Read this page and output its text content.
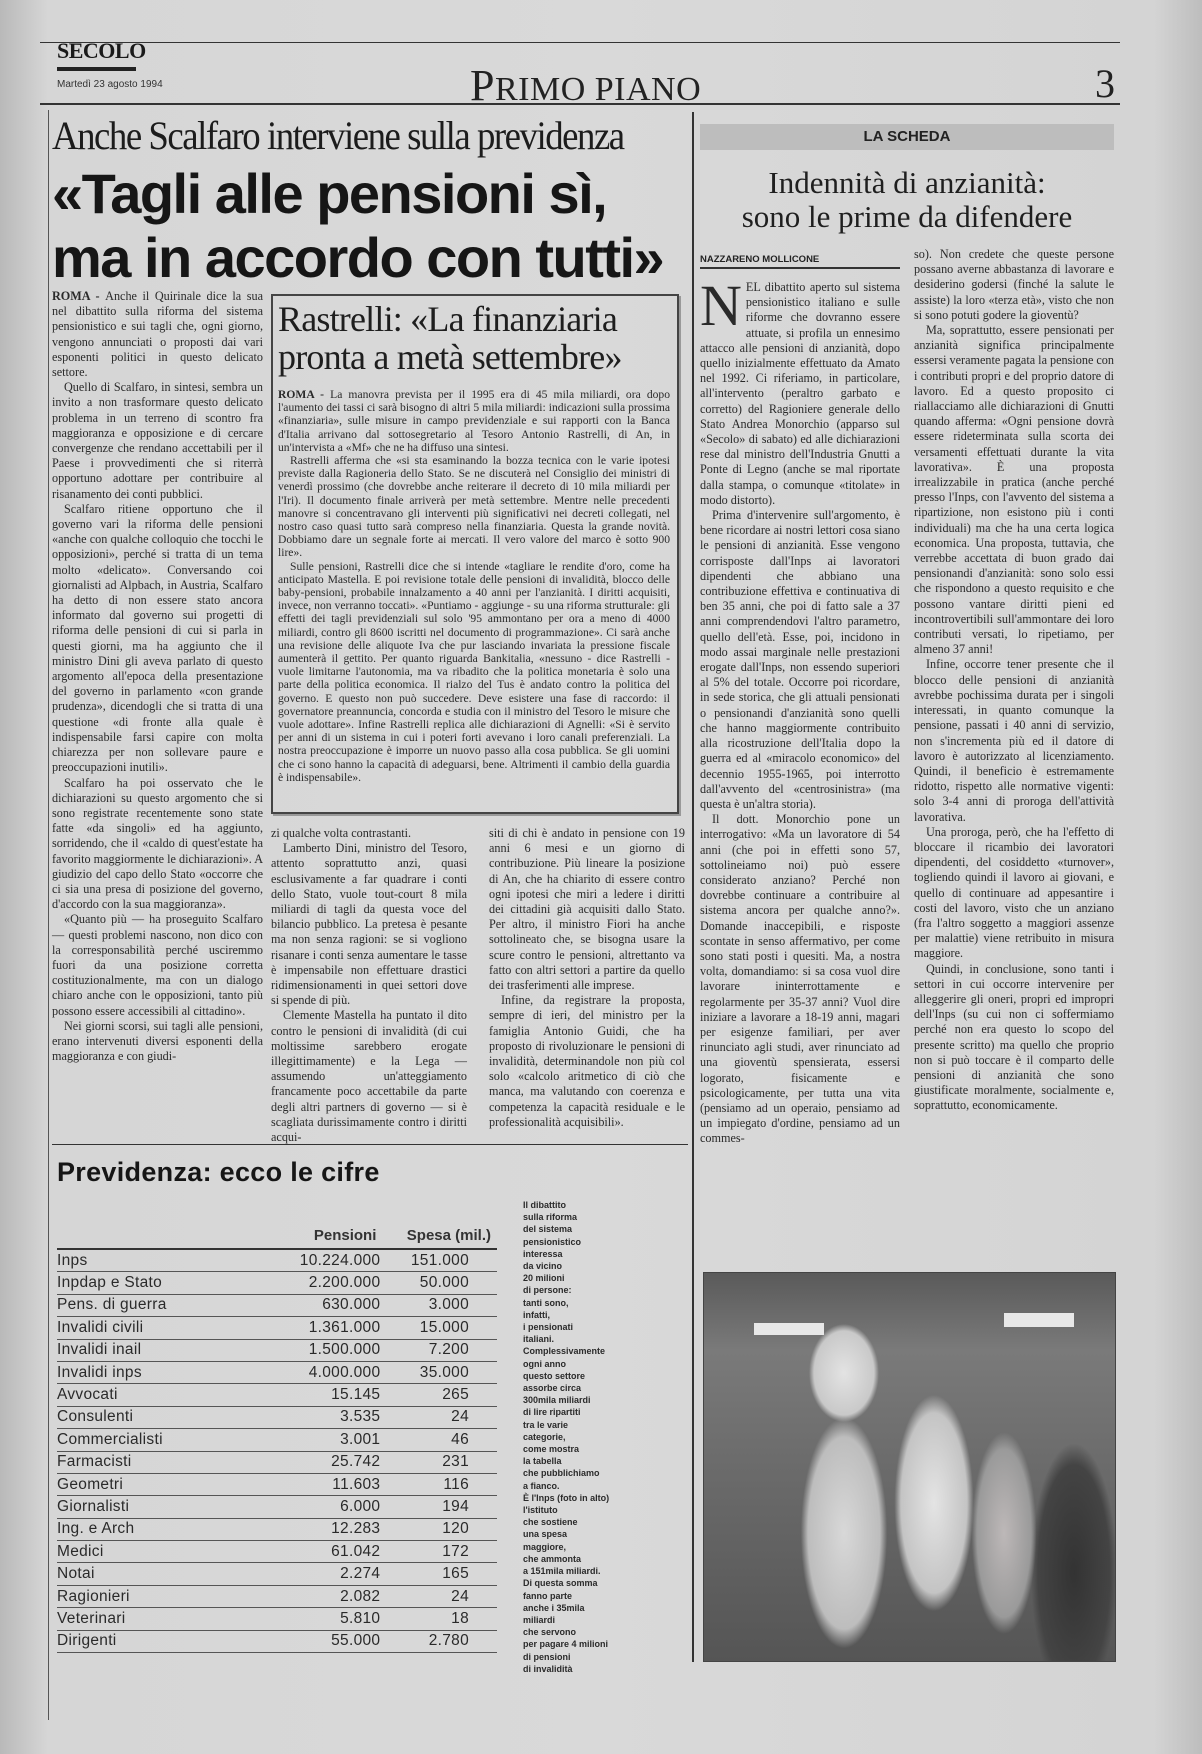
SECOLO
Martedì 23 agosto 1994	PRIMO PIANO	3
Anche Scalfaro interviene sulla previdenza
«Tagli alle pensioni sì,
ma in accordo con tutti»

ROMA - Anche il Quirinale dice la sua nel dibattito sulla riforma del sistema pensionistico e sui tagli che, ogni giorno, vengono annunciati o proposti dai vari esponenti politici in questo delicato settore.

Quello di Scalfaro, in sintesi, sembra un invito a non trasformare questo delicato problema in un terreno di scontro fra maggioranza e opposizione e di cercare convergenze che rendano accettabili per il Paese i provvedimenti che si riterrà opportuno adottare per contribuire al risanamento dei conti pubblici.

Scalfaro ritiene opportuno che il governo vari la riforma delle pensioni «anche con qualche colloquio che tocchi le opposizioni», perché si tratta di un tema molto «delicato». Conversando coi giornalisti ad Alpbach, in Austria, Scalfaro ha detto di non essere stato ancora informato dal governo sui progetti di riforma delle pensioni di cui si parla in questi giorni, ma ha aggiunto che il ministro Dini gli aveva parlato di questo argomento all'epoca della presentazione del governo in parlamento «con grande prudenza», dicendogli che si tratta di una questione «di fronte alla quale è indispensabile farsi capire con molta chiarezza per non sollevare paure e preoccupazioni inutili».

Scalfaro ha poi osservato che le dichiarazioni su questo argomento che si sono registrate recentemente sono state fatte «da singoli» ed ha aggiunto, sorridendo, che il «caldo di quest'estate ha favorito maggiormente le dichiarazioni». A giudizio del capo dello Stato «occorre che ci sia una presa di posizione del governo, d'accordo con la sua maggioranza».

«Quanto più — ha proseguito Scalfaro — questi problemi nascono, non dico con la corresponsabilità perché usciremmo fuori da una posizione corretta costituzionalmente, ma con un dialogo chiaro anche con le opposizioni, tanto più possono essere accessibili al cittadino».

Nei giorni scorsi, sui tagli alle pensioni, erano intervenuti diversi esponenti della maggioranza e con giudi-

Rastrelli: «La finanziaria pronta a metà settembre»

ROMA - La manovra prevista per il 1995 era di 45 mila miliardi, ora dopo l'aumento dei tassi ci sarà bisogno di altri 5 mila miliardi: indicazioni sulla prossima «finanziaria», sulle misure in campo previdenziale e sui rapporti con la Banca d'Italia arrivano dal sottosegretario al Tesoro Antonio Rastrelli, di An, in un'intervista a «Mf» che ne ha diffuso una sintesi.

Rastrelli afferma che «si sta esaminando la bozza tecnica con le varie ipotesi previste dalla Ragioneria dello Stato. Se ne discuterà nel Consiglio dei ministri di venerdì prossimo (che dovrebbe anche reiterare il decreto di 10 mila miliardi per l'Iri). Il documento finale arriverà per metà settembre. Mentre nelle precedenti manovre si concentravano gli interventi più significativi nei decreti collegati, nel nostro caso quasi tutto sarà compreso nella finanziaria. Questa la grande novità. Dobbiamo dare un segnale forte ai mercati. Il vero valore del marco è sotto 900 lire».

Sulle pensioni, Rastrelli dice che si intende «tagliare le rendite d'oro, come ha anticipato Mastella. E poi revisione totale delle pensioni di invalidità, blocco delle baby-pensioni, probabile innalzamento a 40 anni per l'anzianità. I diritti acquisiti, invece, non verranno toccati». «Puntiamo - aggiunge - su una riforma strutturale: gli effetti dei tagli previdenziali sul solo '95 ammontano per ora a meno di 4000 miliardi, contro gli 8600 iscritti nel documento di programmazione». Ci sarà anche una revisione delle aliquote Iva che pur lasciando invariata la pressione fiscale aumenterà il gettito. Per quanto riguarda Bankitalia, «nessuno - dice Rastrelli - vuole limitarne l'autonomia, ma va ribadito che la politica monetaria è solo una parte della politica economica. Il rialzo del Tus è andato contro la politica del governo. E questo non può succedere. Deve esistere una fase di raccordo: il governatore preannuncia, concorda e studia con il ministro del Tesoro le misure che vuole adottare». Infine Rastrelli replica alle dichiarazioni di Agnelli: «Si è servito per anni di un sistema in cui i poteri forti avevano i loro canali preferenziali. La nostra preoccupazione è imporre un nuovo passo alla cosa pubblica. Se gli uomini che ci sono hanno la capacità di adeguarsi, bene. Altrimenti il cambio della guardia è indispensabile».

zi qualche volta contrastanti.

Lamberto Dini, ministro del Tesoro, attento soprattutto anzi, quasi esclusivamente a far quadrare i conti dello Stato, vuole tout-court 8 mila miliardi di tagli da questa voce del bilancio pubblico. La pretesa è pesante ma non senza ragioni: se si vogliono risanare i conti senza aumentare le tasse è impensabile non effettuare drastici ridimensionamenti in quei settori dove si spende di più.

Clemente Mastella ha puntato il dito contro le pensioni di invalidità (di cui moltissime sarebbero erogate illegittimamente) e la Lega — assumendo un'atteggiamento francamente poco accettabile da parte degli altri partners di governo — si è scagliata durissimamente contro i diritti acqui-

siti di chi è andato in pensione con 19 anni 6 mesi e un giorno di contribuzione. Più lineare la posizione di An, che ha chiarito di essere contro ogni ipotesi che miri a ledere i diritti dei cittadini già acquisiti dallo Stato. Per altro, il ministro Fiori ha anche sottolineato che, se bisogna usare la scure contro le pensioni, altrettanto va fatto con altri settori a partire da quello dei trasferimenti alle imprese.

Infine, da registrare la proposta, sempre di ieri, del ministro per la famiglia Antonio Guidi, che ha proposto di rivoluzionare le pensioni di invalidità, determinandole non più col solo «calcolo aritmetico di ciò che manca, ma valutando con coerenza e competenza la capacità residuale e le professionalità acquisibili».

Previdenza: ecco le cifre
	Pensioni	Spesa (mil.)
Inps	10.224.000	151.000
Inpdap e Stato	2.200.000	50.000
Pens. di guerra	630.000	3.000
Invalidi civili	1.361.000	15.000
Invalidi inail	1.500.000	7.200
Invalidi inps	4.000.000	35.000
Avvocati	15.145	265
Consulenti	3.535	24
Commercialisti	3.001	46
Farmacisti	25.742	231
Geometri	11.603	116
Giornalisti	6.000	194
Ing. e Arch	12.283	120
Medici	61.042	172
Notai	2.274	165
Ragionieri	2.082	24
Veterinari	5.810	18
Dirigenti	55.000	2.780
Il dibattito
sulla riforma
del sistema
pensionistico
interessa
da vicino
20 milioni
di persone:
tanti sono,
infatti,
i pensionati
italiani.
Complessivamente
ogni anno
questo settore
assorbe circa
300mila miliardi
di lire ripartiti
tra le varie
categorie,
come mostra
la tabella
che pubblichiamo
a fianco.
È l'Inps (foto in alto)
l'istituto
che sostiene
una spesa
maggiore,
che ammonta
a 151mila miliardi.
Di questa somma
fanno parte
anche i 35mila
miliardi
che servono
per pagare 4 milioni
di pensioni
di invalidità
LA SCHEDA
Indennità di anzianità:
sono le prime da difendere
NAZZARENO MOLLICONE

NEL dibattito aperto sul sistema pensionistico italiano e sulle riforme che dovranno essere attuate, si profila un ennesimo attacco alle pensioni di anzianità, dopo quello inizialmente effettuato da Amato nel 1992. Ci riferiamo, in particolare, all'intervento (peraltro garbato e corretto) del Ragioniere generale dello Stato Andrea Monorchio (apparso sul «Secolo» di sabato) ed alle dichiarazioni rese dal ministro dell'Industria Gnutti a Ponte di Legno (anche se mal riportate dalla stampa, o comunque «titolate» in modo distorto).

Prima d'intervenire sull'argomento, è bene ricordare ai nostri lettori cosa siano le pensioni di anzianità. Esse vengono corrisposte dall'Inps ai lavoratori dipendenti che abbiano una contribuzione effettiva e continuativa di ben 35 anni, che poi di fatto sale a 37 anni comprendendovi l'altro parametro, quello dell'età. Esse, poi, incidono in modo assai marginale nelle prestazioni erogate dall'Inps, non essendo superiori al 5% del totale. Occorre poi ricordare, in sede storica, che gli attuali pensionati o pensionandi d'anzianità sono quelli che hanno maggiormente contribuito alla ricostruzione dell'Italia dopo la guerra ed al «miracolo economico» del decennio 1955-1965, poi interrotto dall'avvento del «centrosinistra» (ma questa è un'altra storia).

Il dott. Monorchio pone un interrogativo: «Ma un lavoratore di 54 anni (che poi in effetti sono 57, sottolineiamo noi) può essere considerato anziano? Perché non dovrebbe continuare a contribuire al sistema ancora per qualche anno?». Domande inaccepibili, e risposte scontate in senso affermativo, per come sono stati posti i quesiti. Ma, a nostra volta, domandiamo: si sa cosa vuol dire lavorare ininterrottamente e regolarmente per 35-37 anni? Vuol dire iniziare a lavorare a 18-19 anni, magari per esigenze familiari, per aver rinunciato agli studi, aver rinunciato ad una gioventù spensierata, essersi logorato, fisicamente e psicologicamente, per tutta una vita (pensiamo ad un operaio, pensiamo ad un impiegato d'ordine, pensiamo ad un commes-

so). Non credete che queste persone possano averne abbastanza di lavorare e desiderino godersi (finché la salute le assiste) la loro «terza età», visto che non si sono potuti godere la gioventù?

Ma, soprattutto, essere pensionati per anzianità significa principalmente essersi veramente pagata la pensione con i contributi propri e del proprio datore di lavoro. Ed a questo proposito ci riallacciamo alle dichiarazioni di Gnutti quando afferma: «Ogni pensione dovrà essere rideterminata sulla scorta dei versamenti effettuati durante la vita lavorativa». È una proposta irrealizzabile in pratica (anche perché presso l'Inps, con l'avvento del sistema a ripartizione, non esistono più i conti individuali) ma che ha una certa logica economica. Una proposta, tuttavia, che verrebbe accettata di buon grado dai pensionandi d'anzianità: sono solo essi che rispondono a questo requisito e che possono vantare diritti pieni ed incontrovertibili sull'ammontare dei loro contributi versati, lo ripetiamo, per almeno 37 anni!

Infine, occorre tener presente che il blocco delle pensioni di anzianità avrebbe pochissima durata per i singoli interessati, in quanto comunque la pensione, passati i 40 anni di servizio, non s'incrementa più ed il datore di lavoro è autorizzato al licenziamento. Quindi, il beneficio è estremamente ridotto, rispetto alle normative vigenti: solo 3-4 anni di proroga dell'attività lavorativa.

Una proroga, però, che ha l'effetto di bloccare il ricambio dei lavoratori dipendenti, del cosiddetto «turnover», togliendo quindi il lavoro ai giovani, e quello di continuare ad appesantire i costi del lavoro, visto che un anziano (fra l'altro soggetto a maggiori assenze per malattie) viene retribuito in misura maggiore.

Quindi, in conclusione, sono tanti i settori in cui occorre intervenire per alleggerire gli oneri, propri ed impropri dell'Inps (su cui non ci soffermiamo perché non era questo lo scopo del presente scritto) ma quello che proprio non si può toccare è il comparto delle pensioni di anzianità che sono giustificate moralmente, socialmente e, soprattutto, economicamente.
